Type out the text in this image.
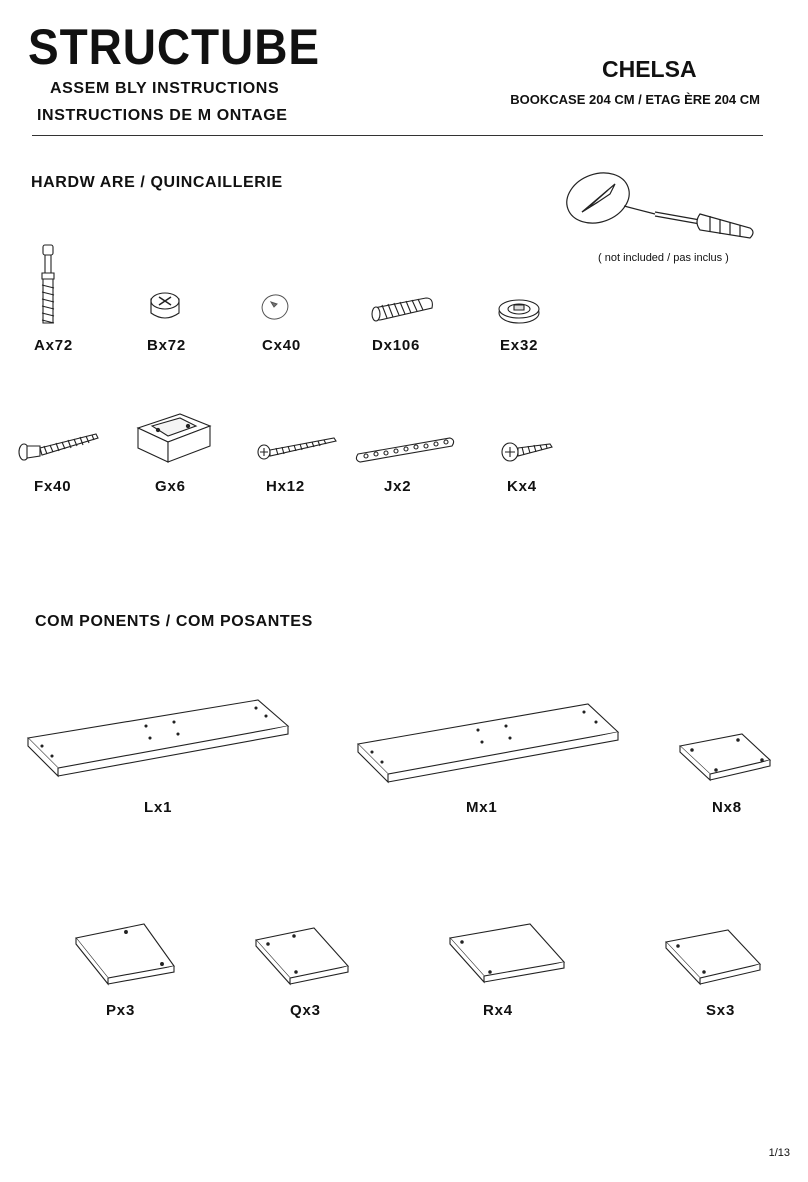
STRUCTUBE
ASSEM BLY INSTRUCTIONS
INSTRUCTIONS DE M ONTAGE
CHELSA
BOOKCASE 204 CM / ETAG ÈRE 204 CM
HARDW ARE / QUINCAILLERIE
( not included / pas inclus )
Ax72	Bx72	Cx40	Dx106	Ex32
Fx40	Gx6	Hx12	Jx2	Kx4
COM PONENTS / COM POSANTES
Lx1	Mx1	Nx8
Px3	Qx3	Rx4	Sx3
1/13
